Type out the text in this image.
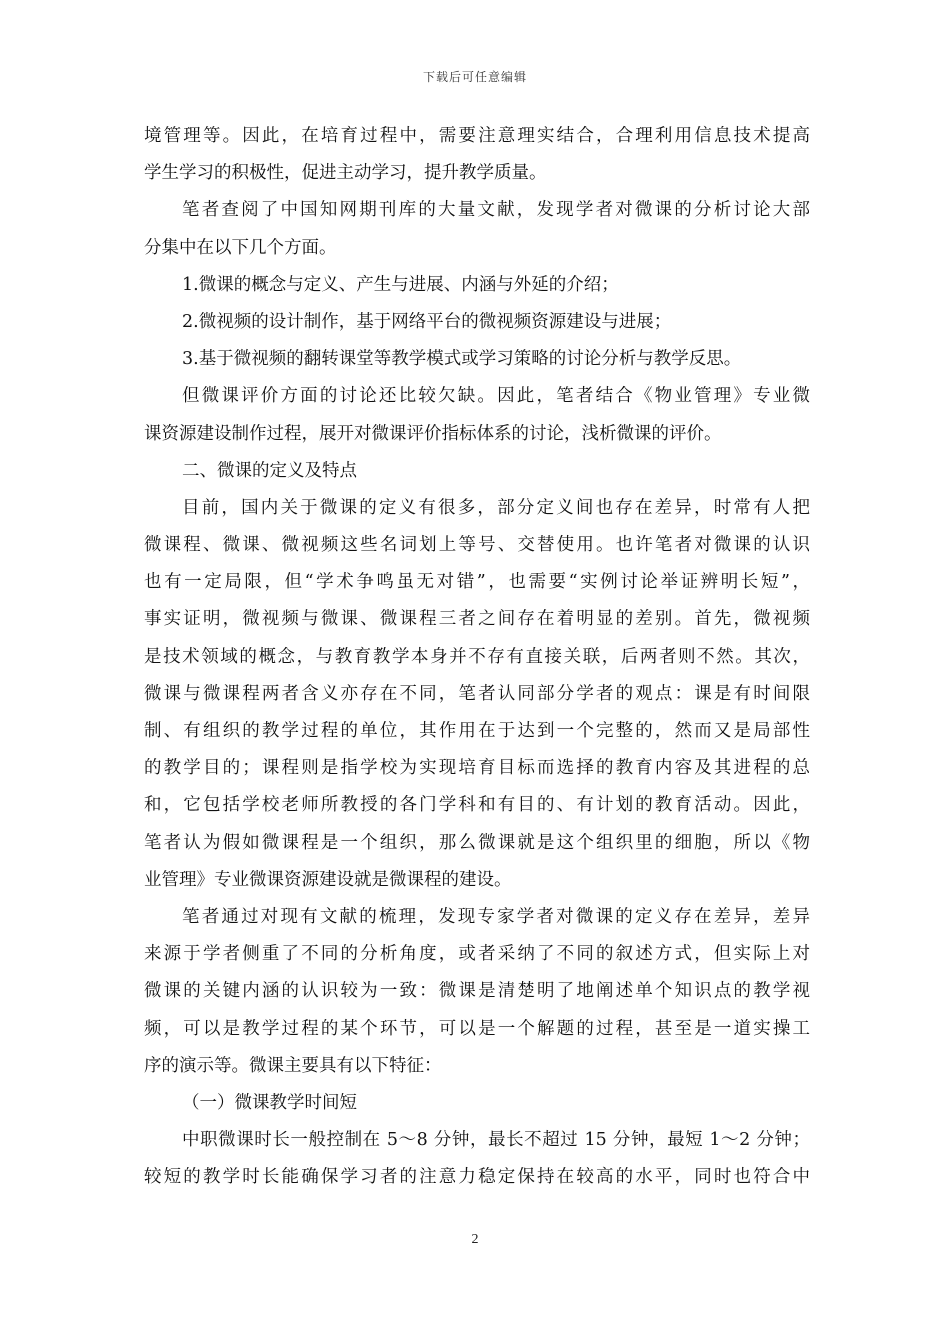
下载后可任意编辑
境管理等。因此，在培育过程中，需要注意理实结合，合理利用信息技术提高
学生学习的积极性，促进主动学习，提升教学质量。
笔者查阅了中国知网期刊库的大量文献，发现学者对微课的分析讨论大部
分集中在以下几个方面。
1.微课的概念与定义、产生与进展、内涵与外延的介绍；
2.微视频的设计制作，基于网络平台的微视频资源建设与进展；
3.基于微视频的翻转课堂等教学模式或学习策略的讨论分析与教学反思。
但微课评价方面的讨论还比较欠缺。因此，笔者结合《物业管理》专业微
课资源建设制作过程，展开对微课评价指标体系的讨论，浅析微课的评价。
二、微课的定义及特点
目前，国内关于微课的定义有很多，部分定义间也存在差异，时常有人把
微课程、微课、微视频这些名词划上等号、交替使用。也许笔者对微课的认识
也有一定局限，但“学术争鸣虽无对错”，也需要“实例讨论举证辨明长短”，
事实证明，微视频与微课、微课程三者之间存在着明显的差别。首先，微视频
是技术领域的概念，与教育教学本身并不存有直接关联，后两者则不然。其次，
微课与微课程两者含义亦存在不同，笔者认同部分学者的观点：课是有时间限
制、有组织的教学过程的单位，其作用在于达到一个完整的，然而又是局部性
的教学目的；课程则是指学校为实现培育目标而选择的教育内容及其进程的总
和，它包括学校老师所教授的各门学科和有目的、有计划的教育活动。因此，
笔者认为假如微课程是一个组织，那么微课就是这个组织里的细胞，所以《物
业管理》专业微课资源建设就是微课程的建设。
笔者通过对现有文献的梳理，发现专家学者对微课的定义存在差异，差异
来源于学者侧重了不同的分析角度，或者采纳了不同的叙述方式，但实际上对
微课的关键内涵的认识较为一致：微课是清楚明了地阐述单个知识点的教学视
频，可以是教学过程的某个环节，可以是一个解题的过程，甚至是一道实操工
序的演示等。微课主要具有以下特征：
（一）微课教学时间短
中职微课时长一般控制在 5～8 分钟，最长不超过 15 分钟，最短 1～2 分钟；
较短的教学时长能确保学习者的注意力稳定保持在较高的水平，同时也符合中
2
